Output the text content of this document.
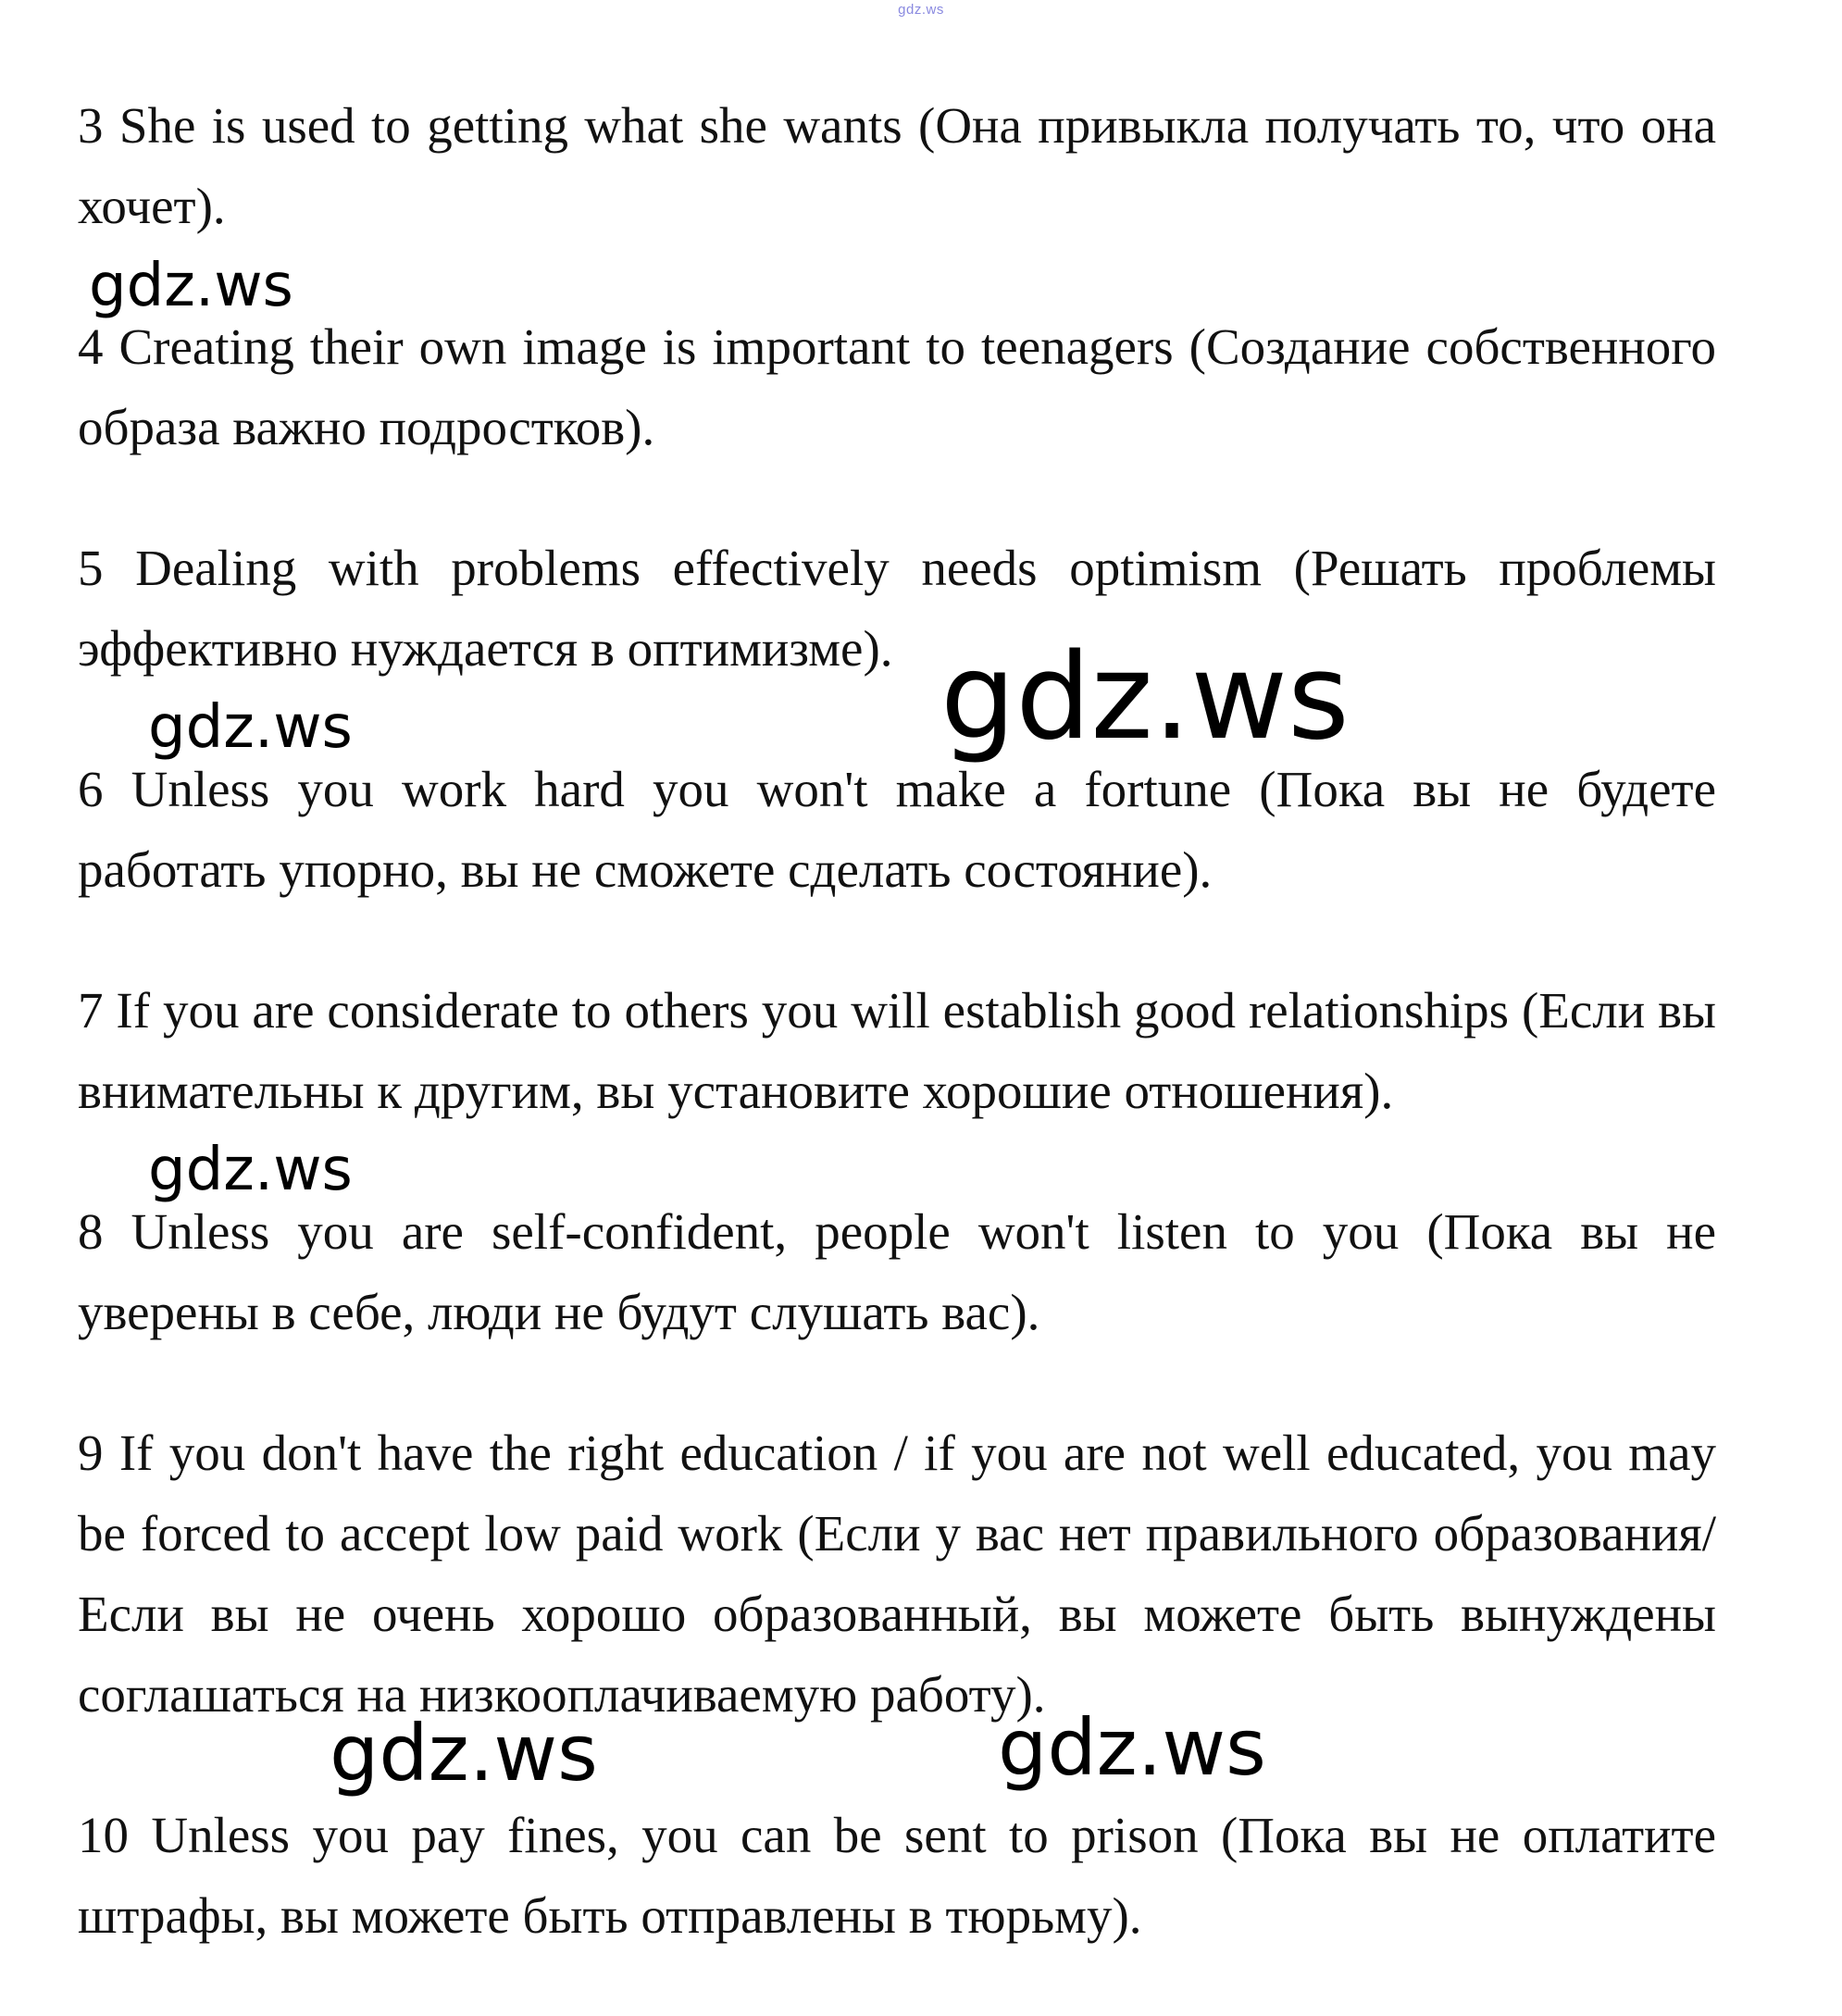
gdz.ws

3 She is used to getting what she wants (Она привыкла получать то, что она хочет).

4 Creating their own image is important to teenagers (Создание собственного образа важно подростков).

5 Dealing with problems effectively needs optimism (Решать проблемы эффективно нуждается в оптимизме).

6 Unless you work hard you won't make a fortune (Пока вы не будете работать упорно, вы не сможете сделать состояние).

7 If you are considerate to others you will establish good relationships (Если вы внимательны к другим, вы установите хорошие отношения).

8 Unless you are self-confident, people won't listen to you (Пока вы не уверены в себе, люди не будут слушать вас).

9 If you don't have the right education / if you are not well educated, you may be forced to accept low paid work (Если у вас нет правильного образования/ Если вы не очень хорошо образованный, вы можете быть вынуждены соглашаться на низкооплачиваемую работу).

10 Unless you pay fines, you can be sent to prison (Пока вы не оплатите штрафы, вы можете быть отправлены в тюрьму).

gdz.ws
gdz.ws
gdz.ws
gdz.ws
gdz.ws	gdz.ws
